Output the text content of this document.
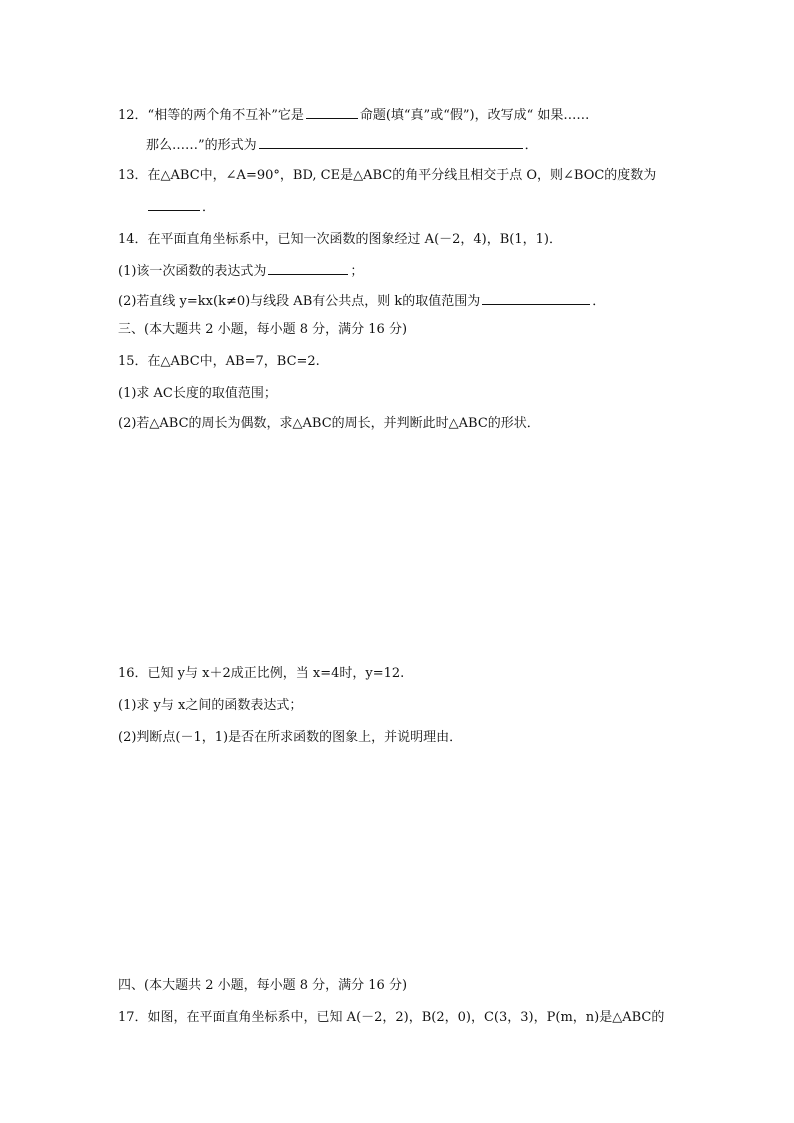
12．“相等的两个角不互补”它是	命题(填“真”或“假”)，改写成“ 如果……
那么……”的形式为	．
13．在△ABC中，∠A=90°，BD, CE是△ABC的角平分线且相交于点 O，则∠BOC的度数为
．
14．在平面直角坐标系中，已知一次函数的图象经过 A(－2，4)，B(1，1)．
(1)该一次函数的表达式为	；
(2)若直线 y=kx(k≠0)与线段 AB有公共点，则 k的取值范围为	．
三、(本大题共 2 小题，每小题 8 分，满分 16 分)
15．在△ABC中，AB=7，BC=2.
(1)求 AC长度的取值范围；
(2)若△ABC的周长为偶数，求△ABC的周长，并判断此时△ABC的形状．
16．已知 y与 x＋2成正比例，当 x=4时，y=12.
(1)求 y与 x之间的函数表达式；
(2)判断点(－1，1)是否在所求函数的图象上，并说明理由．
四、(本大题共 2 小题，每小题 8 分，满分 16 分)
17．如图，在平面直角坐标系中，已知 A(－2，2)，B(2，0)，C(3，3)，P(m，n)是△ABC的
